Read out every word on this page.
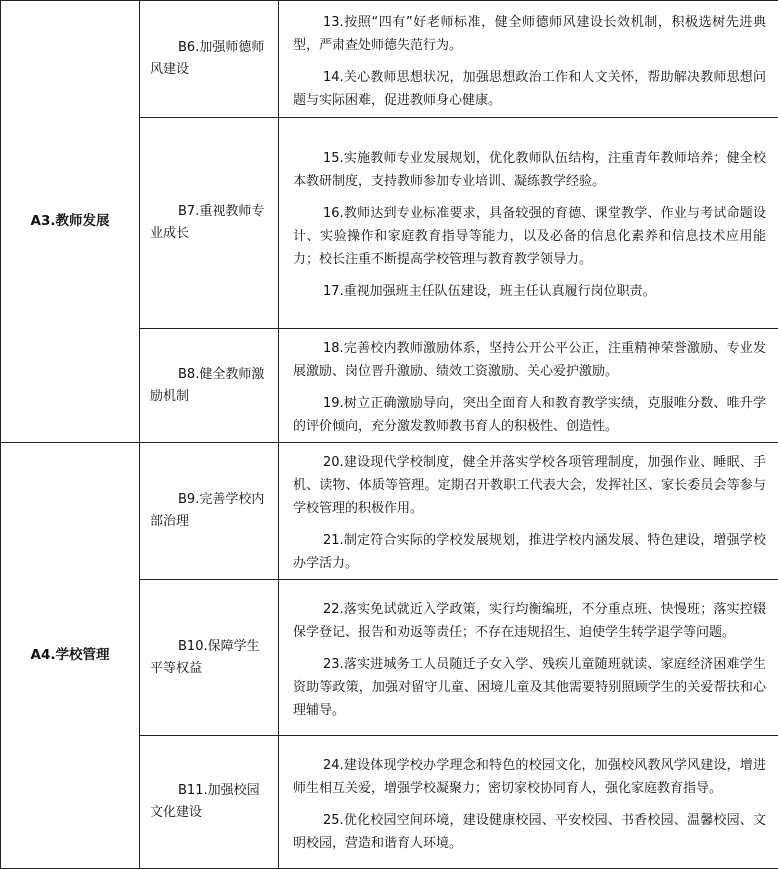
A3.教师发展	B6.加强师德师风建设	13.按照“四有”好老师标准，健全师德师风建设长效机制，积极选树先进典型，严肃查处师德失范行为。

14.关心教师思想状况，加强思想政治工作和人文关怀，帮助解决教师思想问题与实际困难，促进教师身心健康。

	B7.重视教师专业成长	15.实施教师专业发展规划，优化教师队伍结构，注重青年教师培养；健全校本教研制度，支持教师参加专业培训、凝练教学经验。

16.教师达到专业标准要求，具备较强的育德、课堂教学、作业与考试命题设计、实验操作和家庭教育指导等能力，以及必备的信息化素养和信息技术应用能力；校长注重不断提高学校管理与教育教学领导力。

17.重视加强班主任队伍建设，班主任认真履行岗位职责。

	B8.健全教师激励机制	18.完善校内教师激励体系，坚持公开公平公正，注重精神荣誉激励、专业发展激励、岗位晋升激励、绩效工资激励、关心爱护激励。

19.树立正确激励导向，突出全面育人和教育教学实绩，克服唯分数、唯升学的评价倾向，充分激发教师教书育人的积极性、创造性。

A4.学校管理	B9.完善学校内部治理	20.建设现代学校制度，健全并落实学校各项管理制度，加强作业、睡眠、手机、读物、体质等管理。定期召开教职工代表大会，发挥社区、家长委员会等参与学校管理的积极作用。

21.制定符合实际的学校发展规划，推进学校内涵发展、特色建设，增强学校办学活力。

	B10.保障学生平等权益	22.落实免试就近入学政策，实行均衡编班，不分重点班、快慢班；落实控辍保学登记、报告和劝返等责任；不存在违规招生、迫使学生转学退学等问题。

23.落实进城务工人员随迁子女入学、残疾儿童随班就读、家庭经济困难学生资助等政策，加强对留守儿童、困境儿童及其他需要特别照顾学生的关爱帮扶和心理辅导。

	B11.加强校园文化建设	24.建设体现学校办学理念和特色的校园文化，加强校风教风学风建设，增进师生相互关爱，增强学校凝聚力；密切家校协同育人，强化家庭教育指导。

25.优化校园空间环境，建设健康校园、平安校园、书香校园、温馨校园、文明校园，营造和谐育人环境。
